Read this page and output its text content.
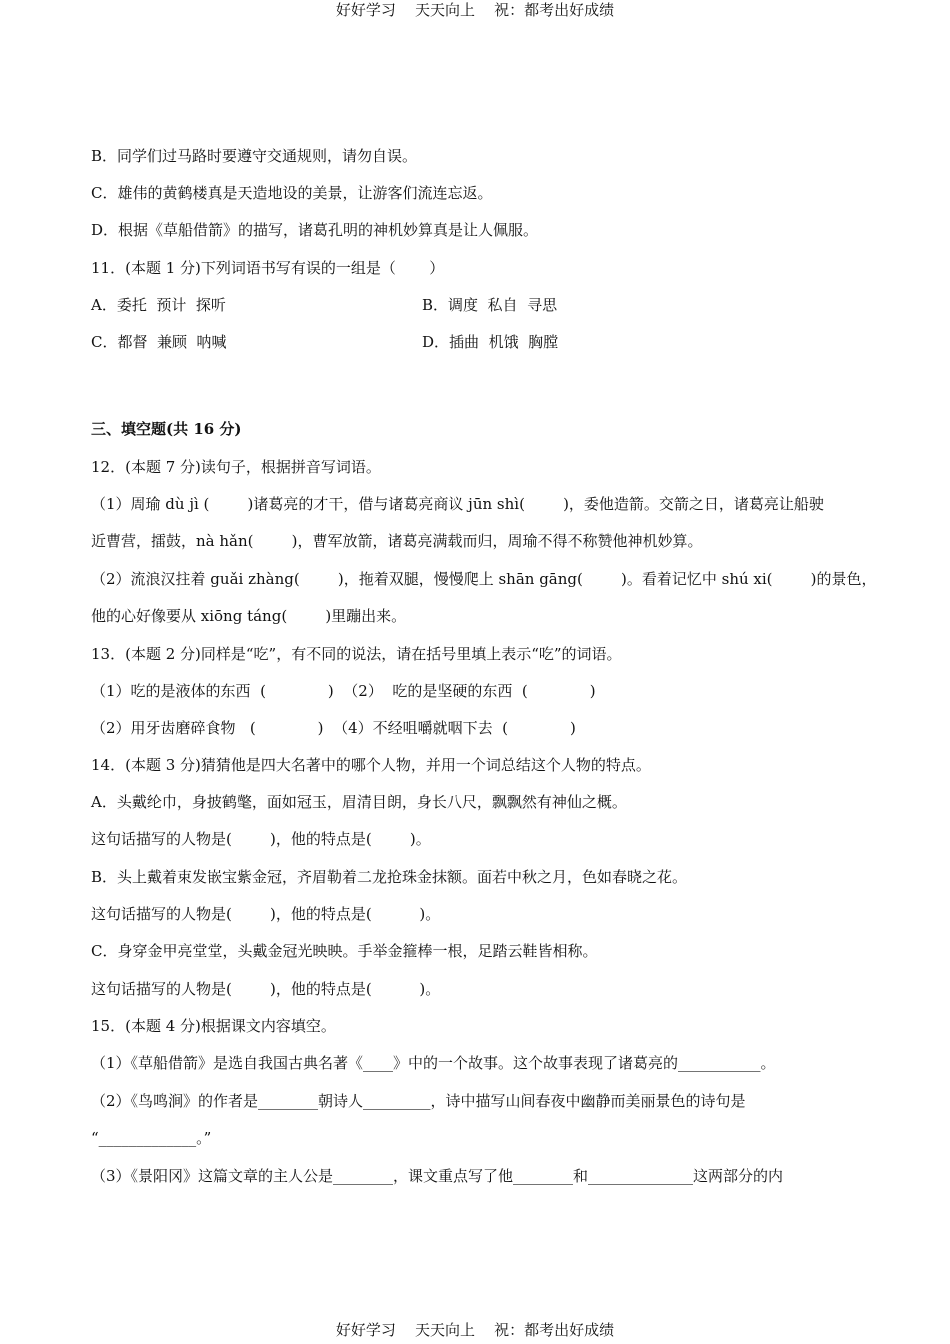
好好学习    天天向上    祝：都考出好成绩
B．同学们过马路时要遵守交通规则，请勿自误。
C．雄伟的黄鹤楼真是天造地设的美景，让游客们流连忘返。
D．根据《草船借箭》的描写，诸葛孔明的神机妙算真是让人佩服。
11．(本题 1 分)下列词语书写有误的一组是（       ）
A．委托  预计  探听	B．调度  私自  寻思
C．都督  兼顾  呐喊	D．插曲  机饿  胸膛
三、填空题(共 16 分)
12．(本题 7 分)读句子，根据拼音写词语。
（1）周瑜 dù jì (        )诸葛亮的才干，借与诸葛亮商议 jūn shì(        )，委他造箭。交箭之日，诸葛亮让船驶
近曹营，擂鼓，nà hǎn(        )，曹军放箭，诸葛亮满载而归，周瑜不得不称赞他神机妙算。
（2）流浪汉拄着 guǎi zhàng(        )，拖着双腿，慢慢爬上 shān gāng(        )。看着记忆中 shú xi(        )的景色，
他的心好像要从 xiōng táng(        )里蹦出来。
13．(本题 2 分)同样是“吃”，有不同的说法，请在括号里填上表示“吃”的词语。
（1）吃的是液体的东西  (             )  （2）  吃的是坚硬的东西  (             )
（2）用牙齿磨碎食物   (             )  （4）不经咀嚼就咽下去  (             )
14．(本题 3 分)猜猜他是四大名著中的哪个人物，并用一个词总结这个人物的特点。
A．头戴纶巾，身披鹤氅，面如冠玉，眉清目朗，身长八尺，飘飘然有神仙之概。
这句话描写的人物是(        )，他的特点是(        )。
B．头上戴着束发嵌宝紫金冠，齐眉勒着二龙抢珠金抹额。面若中秋之月，色如春晓之花。
这句话描写的人物是(        )，他的特点是(          )。
C．身穿金甲亮堂堂，头戴金冠光映映。手举金箍棒一根，足踏云鞋皆相称。
这句话描写的人物是(        )，他的特点是(          )。
15．(本题 4 分)根据课文内容填空。
（1）《草船借箭》是选自我国古典名著《____》中的一个故事。这个故事表现了诸葛亮的___________。
（2）《鸟鸣涧》的作者是________朝诗人_________，诗中描写山间春夜中幽静而美丽景色的诗句是
“_____________。”
（3）《景阳冈》这篇文章的主人公是________，课文重点写了他________和______________这两部分的内
好好学习    天天向上    祝：都考出好成绩
